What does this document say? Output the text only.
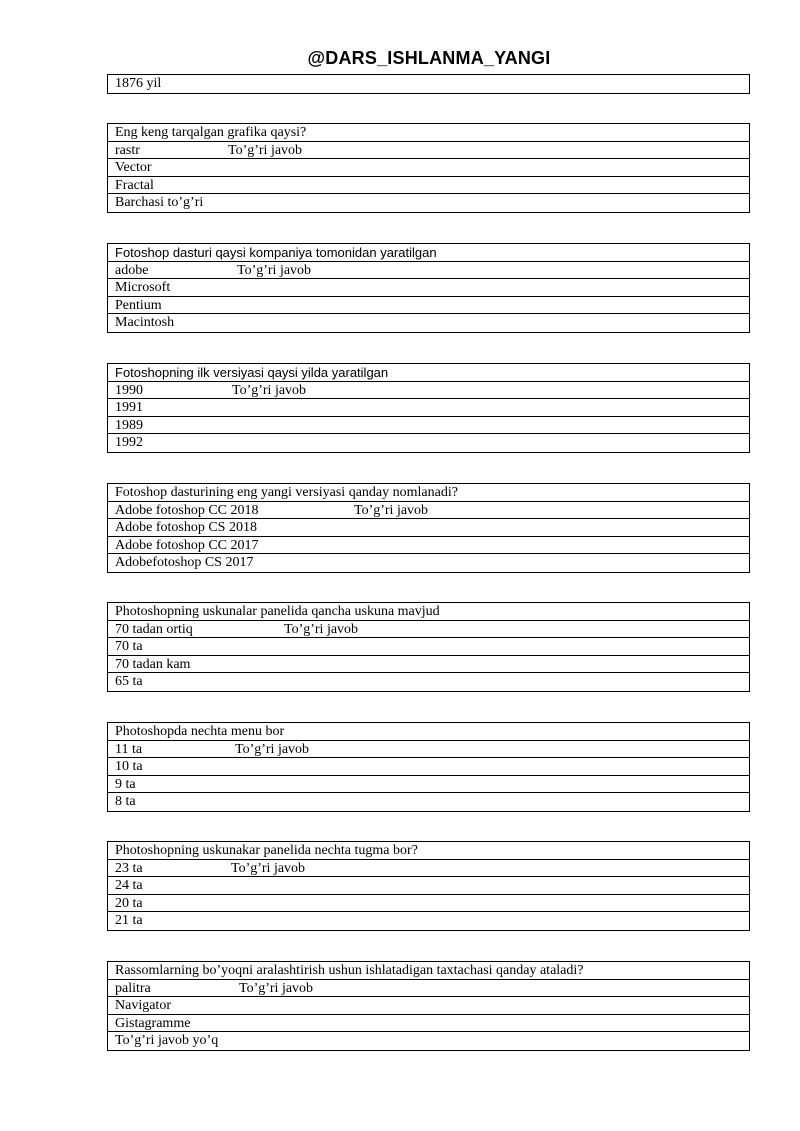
@DARS_ISHLANMA_YANGI
1876 yil
Eng keng tarqalgan grafika qaysi?
rastr	To’g’ri javob
Vector
Fractal
Barchasi to’g’ri
Fotoshop dasturi qaysi kompaniya tomonidan yaratilgan
adobe	To’g’ri javob
Microsoft
Pentium
Macintosh
Fotoshopning ilk versiyasi qaysi yilda yaratilgan
1990	To’g’ri javob
1991
1989
1992
Fotoshop dasturining eng yangi versiyasi qanday nomlanadi?
Adobe fotoshop CC 2018	To’g’ri javob
Adobe fotoshop CS 2018
Adobe fotoshop CC 2017
Adobefotoshop CS 2017
Photoshopning uskunalar panelida qancha uskuna mavjud
70 tadan ortiq	To’g’ri javob
70 ta
70 tadan kam
65 ta
Photoshopda nechta menu bor
11 ta	To’g’ri javob
10 ta
9 ta
8 ta
Photoshopning uskunakar panelida nechta tugma bor?
23 ta	To’g’ri javob
24 ta
20 ta
21 ta
Rassomlarning bo’yoqni aralashtirish ushun ishlatadigan taxtachasi qanday ataladi?
palitra	To’g’ri javob
Navigator
Gistagramme
To’g’ri javob yo’q
